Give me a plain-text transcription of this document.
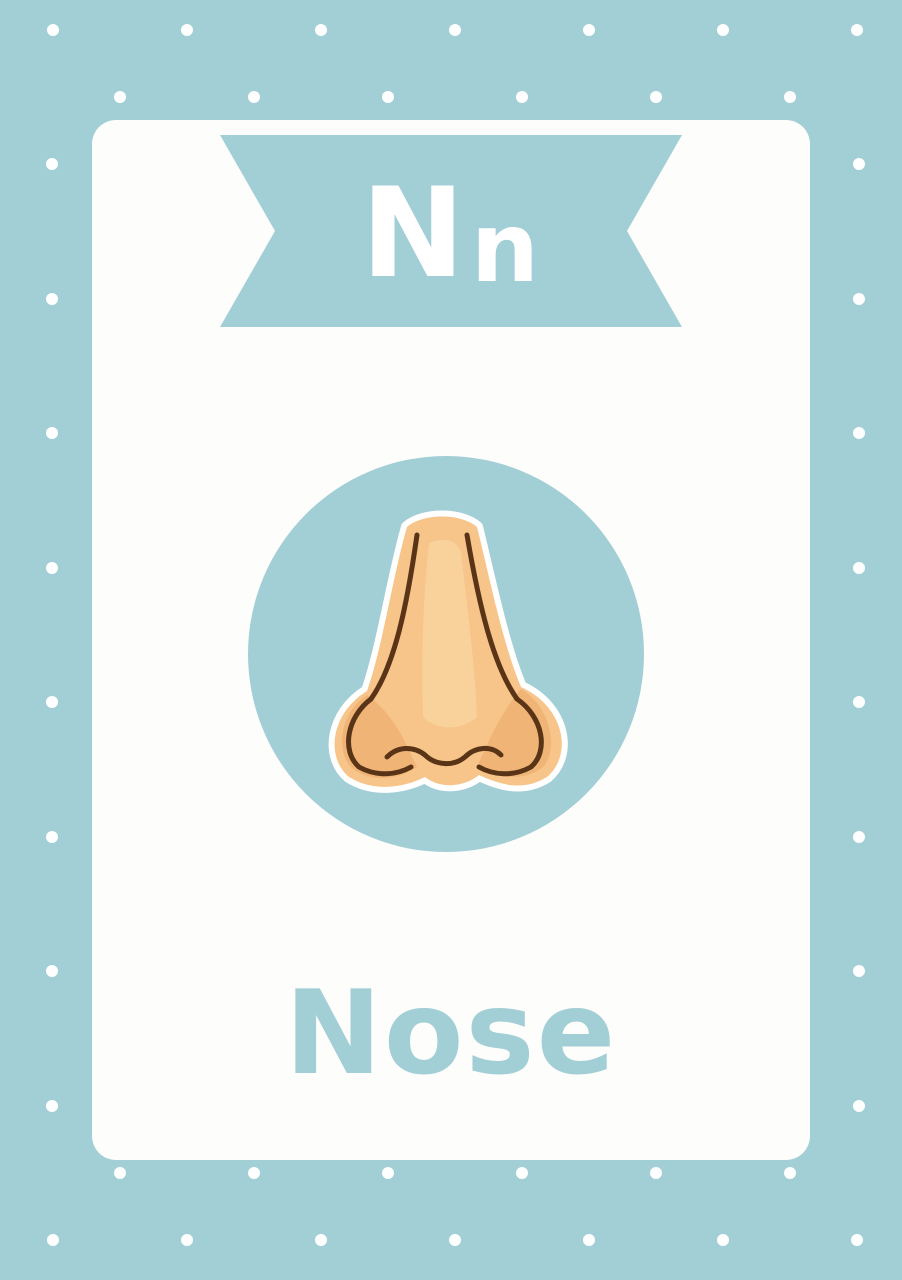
N n
Nose
